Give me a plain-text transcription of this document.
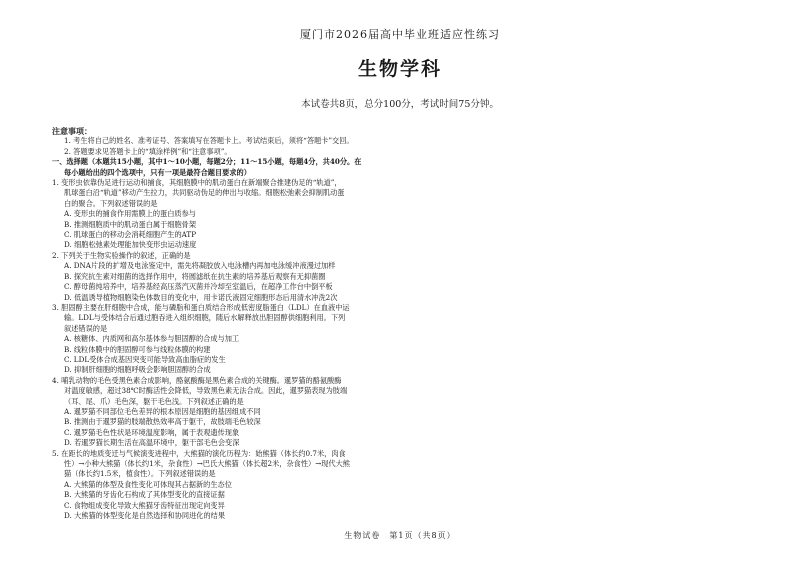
厦门市2026届高中毕业班适应性练习
生物学科
本试卷共8页，总分100分，考试时间75分钟。

注意事项：

1. 考生将自己的姓名、准考证号、答案填写在答题卡上。考试结束后，须将“答题卡”交回。

2. 答题要求见答题卡上的“填涂样例”和“注意事项”。

一、选择题（本题共15小题，其中1～10小题，每题2分；11～15小题，每题4分，共40分。在

每小题给出的四个选项中，只有一项是最符合题目要求的）

1. 变形虫依靠伪足进行运动和捕食，其细胞膜中的肌动蛋白在新端聚合推建伪足的“轨道”，

肌球蛋白沿“轨道”移动产生拉力，共同驱动伪足的伸出与收缩。细胞松弛素会抑制肌动蛋

白的聚合。下列叙述错误的是

A. 变形虫的捕食作用需膜上的蛋白质参与

B. 推测细胞质中的肌动蛋白属于细胞骨架

C. 肌球蛋白的移动会消耗细胞产生的ATP

D. 细胞松弛素处理能加快变形虫运动速度

2. 下列关于生物实验操作的叙述，正确的是

A. DNA片段的扩增及电泳鉴定中，需先将凝胶放入电泳槽内再加电泳缓冲液漫过加样

B. 探究抗生素对细菌的选择作用中，将圆滤纸在抗生素的培养基后观察有无抑菌圈

C. 醇母菌纯培养中，培养基经高压蒸汽灭菌并冷却至室温后，在超净工作台中倒平板

D. 低温诱导植物细胞染色体数目的变化中，用卡诺氏液固定细胞形态后用清水冲洗2次

3. 胆固醇主要在肝细胞中合成，能与磷脂和蛋白质结合形成低密度脂蛋白（LDL）在血液中运

输。LDL与受体结合后通过胞吞进入组织细胞，随后水解释放出胆固醇供细胞利用。下列

叙述错误的是

A. 核糖体、内质网和高尔基体参与胆固醇的合成与加工

B. 线粒体膜中的胆固醇可参与线粒体膜的构建

C. LDL受体合成基因突变可能导致高血脂症的发生

D. 抑制肝细胞的细胞呼吸会影响胆固醇的合成

4. 哺乳动物的毛色受黑色素合成影响，酪氨酸酶是黑色素合成的关键酶。暹罗猫的酪氨酸酶

对温度敏感，超过38℃时酶活性会降低，导致黑色素无法合成。因此，暹罗猫表现为肢端

（耳、尾、爪）毛色深，躯干毛色浅。下列叙述正确的是

A. 暹罗猫不同部位毛色差异的根本原因是细胞的基因组成不同

B. 推测由于暹罗猫的肢端散热效率高于躯干，故肢端毛色较深

C. 暹罗猫毛色性状是环境温度影响，属于表观遗传现象

D. 若暹罗猫长期生活在高温环境中，躯干部毛色会变深

5. 在距长的地质变迁与气候演变进程中，大熊猫的演化历程为：始熊猫（体长约0.7米，肉食

性）→小种大熊猫（体长约1米，杂食性）→巴氏大熊猫（体长超2米，杂食性）→现代大熊

猫（体长约1.5米，植食性）。下列叙述错误的是

A. 大熊猫的体型及食性变化可体现其占据新的生态位

B. 大熊猫的牙齿化石构成了其体型变化的直接证据

C. 食物组成变化导致大熊猫牙齿特征出现定向变异

D. 大熊猫的体型变化是自然选择和协同进化的结果

生物试卷　第1页（共8页）
